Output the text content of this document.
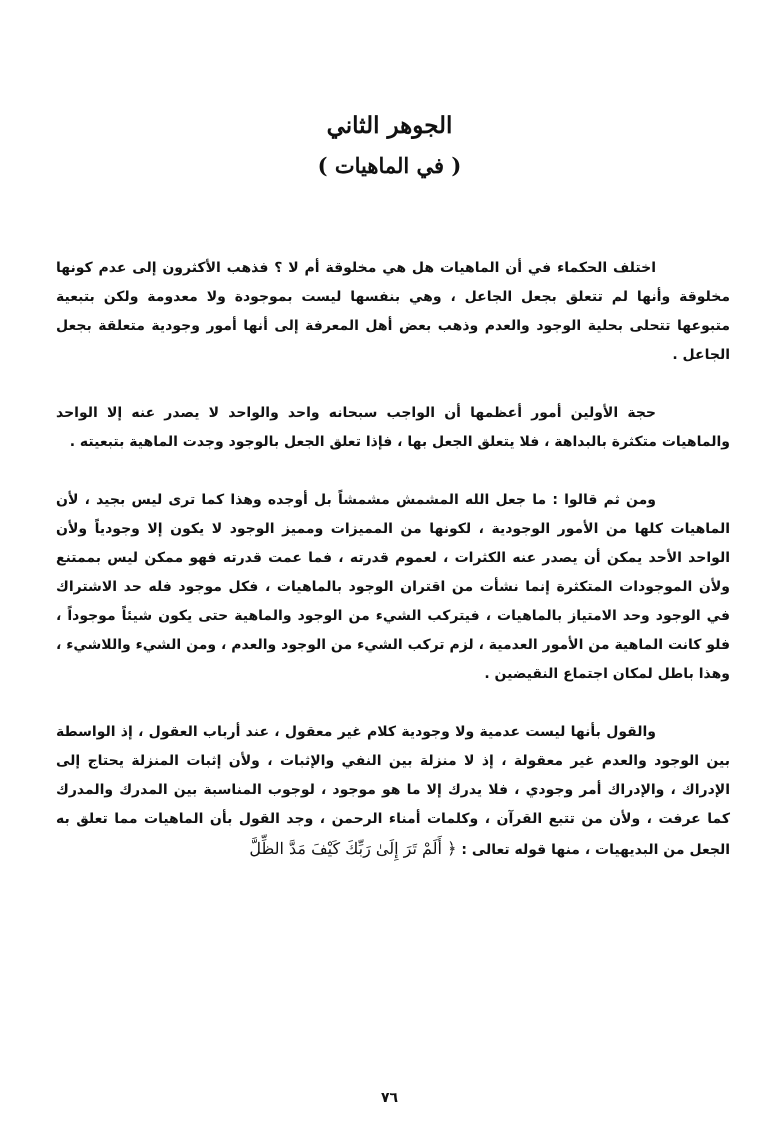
الجوهر الثاني
( في الماهيات )

اختلف الحكماء في أن الماهيات هل هي مخلوقة أم لا ؟ فذهب الأكثرون إلى عدم كونها مخلوقة وأنها لم تتعلق بجعل الجاعل ، وهي بنفسها ليست بموجودة ولا معدومة ولكن بتبعية متبوعها تتحلى بحلية الوجود والعدم وذهب بعض أهل المعرفة إلى أنها أمور وجودية متعلقة بجعل الجاعل .

حجة الأولين أمور أعظمها أن الواجب سبحانه واحد والواحد لا يصدر عنه إلا الواحد والماهيات متكثرة بالبداهة ، فلا يتعلق الجعل بها ، فإذا تعلق الجعل بالوجود وجدت الماهية بتبعيته .

ومن ثم قالوا : ما جعل الله المشمش مشمشاً بل أوجده وهذا كما ترى ليس بجيد ، لأن الماهيات كلها من الأمور الوجودية ، لكونها من المميزات ومميز الوجود لا يكون إلا وجودياً ولأن الواحد الأحد يمكن أن يصدر عنه الكثرات ، لعموم قدرته ، فما عمت قدرته فهو ممكن ليس بممتنع ولأن الموجودات المتكثرة إنما نشأت من اقتران الوجود بالماهيات ، فكل موجود فله حد الاشتراك في الوجود وحد الامتياز بالماهيات ، فيتركب الشيء من الوجود والماهية حتى يكون شيئاً موجوداً ، فلو كانت الماهية من الأمور العدمية ، لزم تركب الشيء من الوجود والعدم ، ومن الشيء واللاشيء ، وهذا باطل لمكان اجتماع النقيضين .

والقول بأنها ليست عدمية ولا وجودية كلام غير معقول ، عند أرباب العقول ، إذ الواسطة بين الوجود والعدم غير معقولة ، إذ لا منزلة بين النفي والإثبات ، ولأن إثبات المنزلة يحتاج إلى الإدراك ، والإدراك أمر وجودي ، فلا يدرك إلا ما هو موجود ، لوجوب المناسبة بين المدرك والمدرك كما عرفت ، ولأن من تتبع القرآن ، وكلمات أمناء الرحمن ، وجد القول بأن الماهيات مما تعلق به الجعل من البديهيات ، منها قوله تعالى : ﴿ أَلَمْ تَرَ إِلَىٰ رَبِّكَ كَيْفَ مَدَّ الظِّلَّ

٧٦
